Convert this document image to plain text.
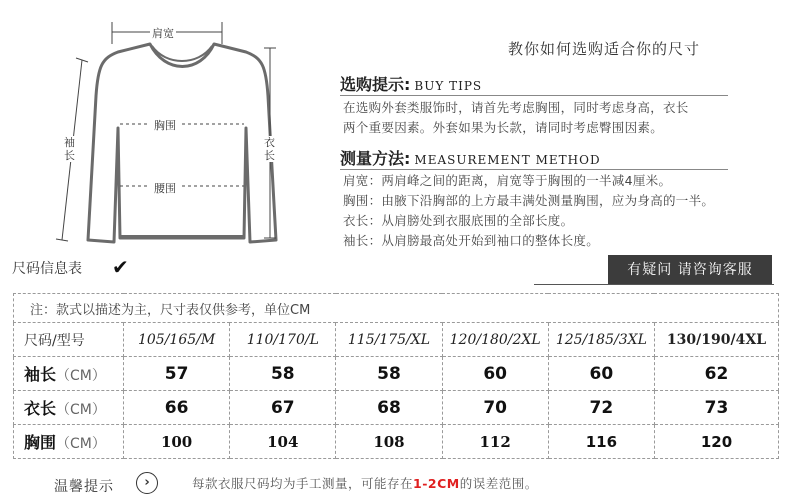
肩宽
胸围
腰围
袖长
衣长
教你如何选购适合你的尺寸
选购提示: BUY TIPS
在选购外套类服饰时，请首先考虑胸围，同时考虑身高，衣长
两个重要因素。外套如果为长款，请同时考虑臀围因素。
测量方法: MEASUREMENT METHOD
肩宽：两肩峰之间的距离，肩宽等于胸围的一半减4厘米。
胸围：由腋下沿胸部的上方最丰满处测量胸围，应为身高的一半。
衣长：从肩膀处到衣服底围的全部长度。
袖长：从肩膀最高处开始到袖口的整体长度。
尺码信息表 ✔	有疑问 请咨询客服
注：款式以描述为主，尺寸表仅供参考，单位CM						
尺码/型号	105/165/M	110/170/L	115/175/XL	120/180/2XL	125/185/3XL	130/190/4XL
袖长（CM）	57	58	58	60	60	62
衣长（CM）	66	67	68	70	72	73
胸围（CM）	100	104	108	112	116	120
温馨提示	›	每款衣服尺码均为手工测量，可能存在1-2CM的误差范围。
